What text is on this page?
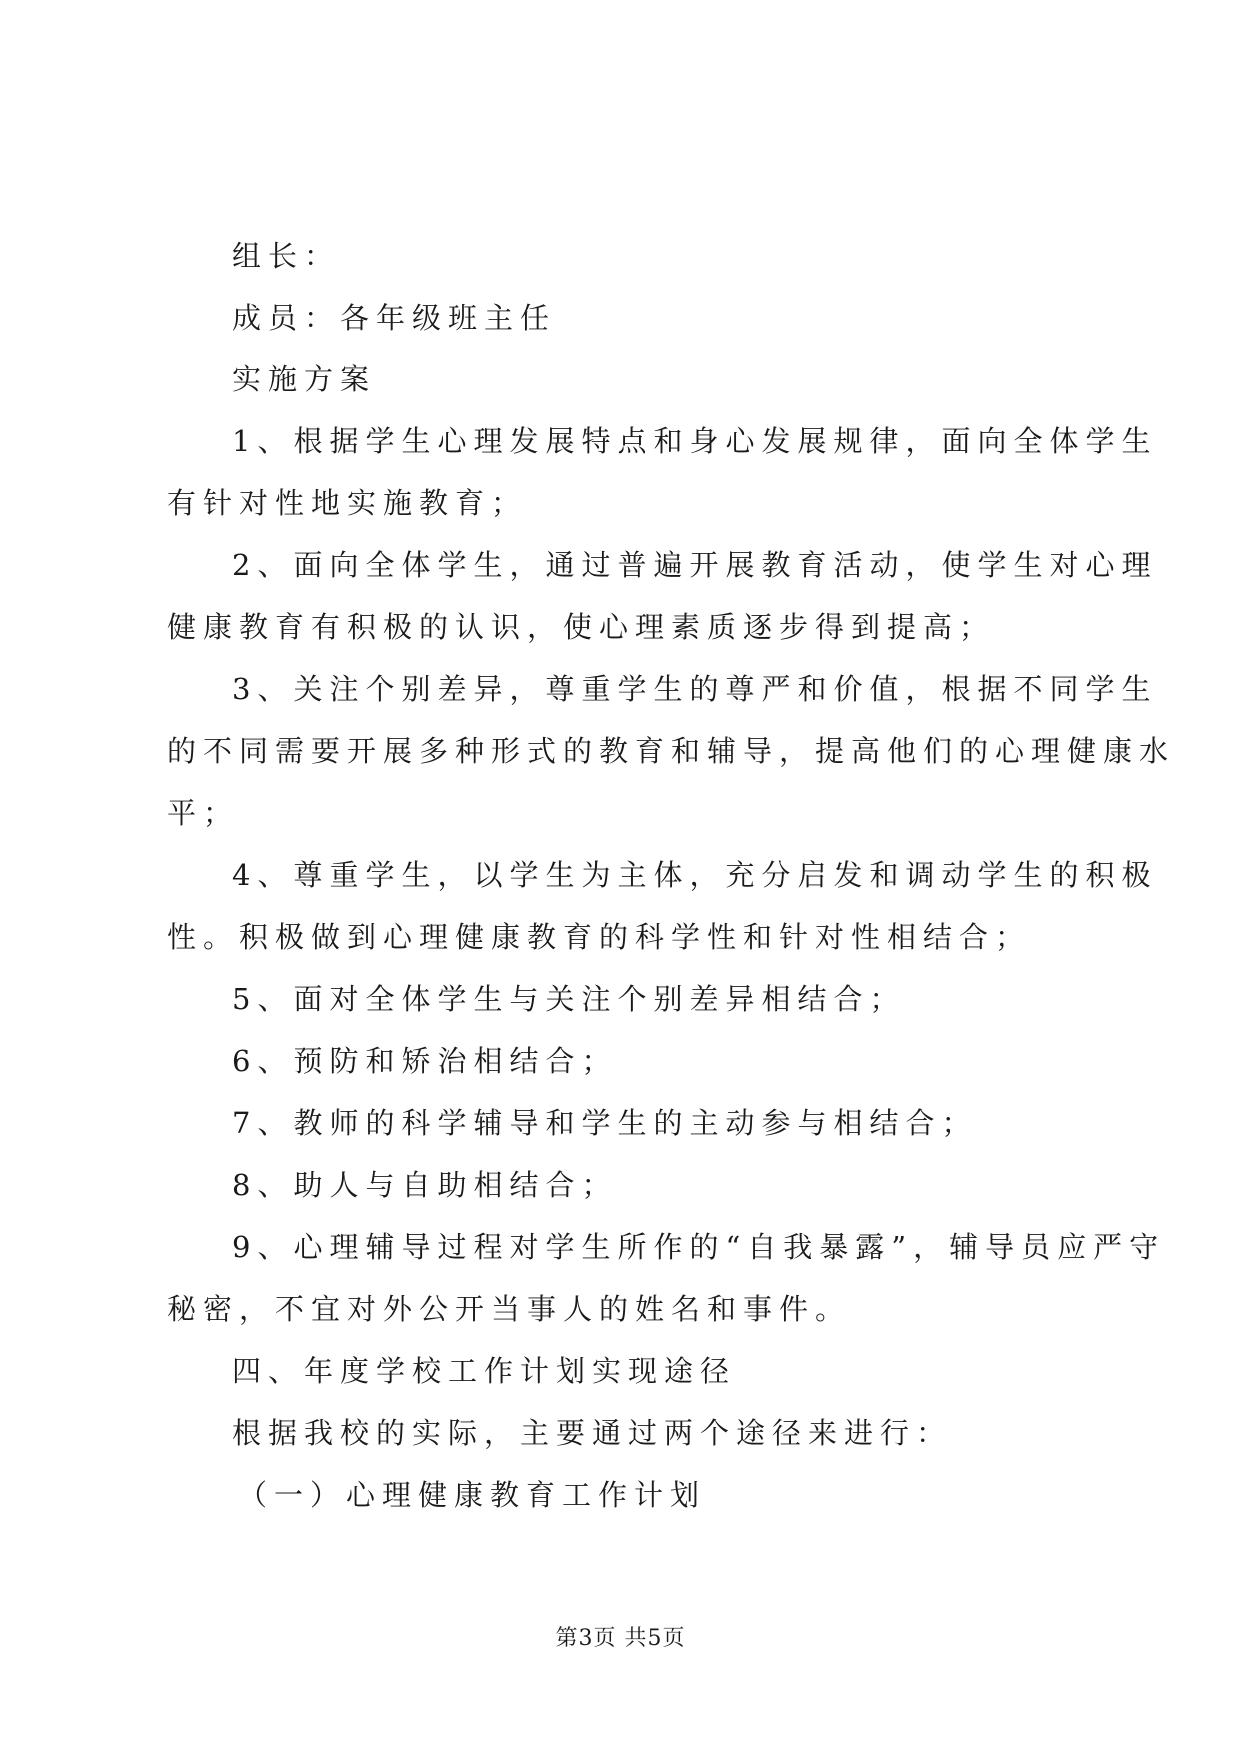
组长：
成员：各年级班主任
实施方案
1、根据学生心理发展特点和身心发展规律，面向全体学生
有针对性地实施教育；
2、面向全体学生，通过普遍开展教育活动，使学生对心理
健康教育有积极的认识，使心理素质逐步得到提高；
3、关注个别差异，尊重学生的尊严和价值，根据不同学生
的不同需要开展多种形式的教育和辅导，提高他们的心理健康水
平；
4、尊重学生，以学生为主体，充分启发和调动学生的积极
性。积极做到心理健康教育的科学性和针对性相结合；
5、面对全体学生与关注个别差异相结合；
6、预防和矫治相结合；
7、教师的科学辅导和学生的主动参与相结合；
8、助人与自助相结合；
9、心理辅导过程对学生所作的“自我暴露”，辅导员应严守
秘密，不宜对外公开当事人的姓名和事件。
四、年度学校工作计划实现途径
根据我校的实际，主要通过两个途径来进行：
（一）心理健康教育工作计划
第3页 共5页
